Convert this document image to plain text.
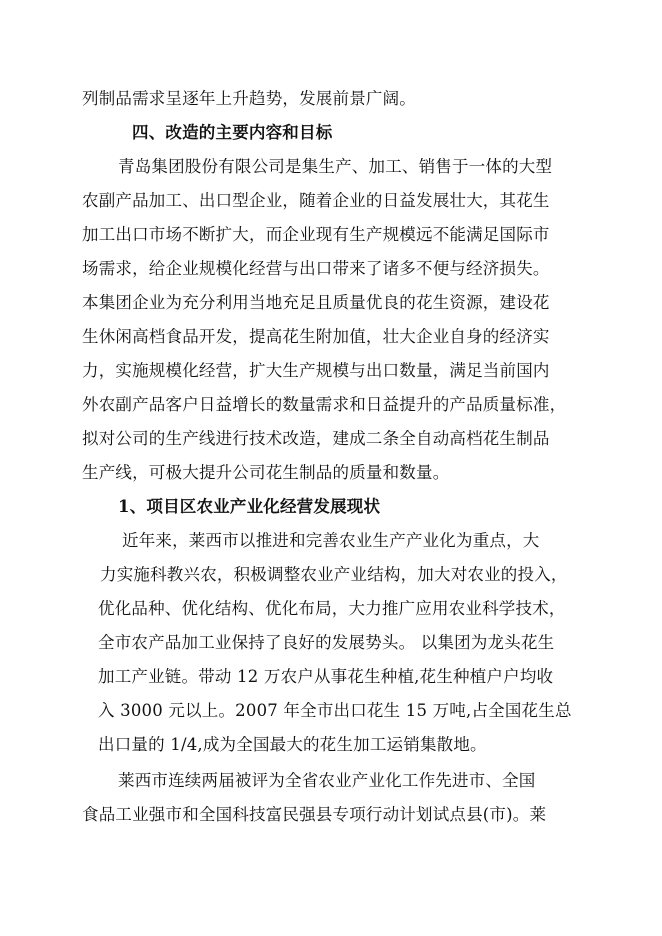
列制品需求呈逐年上升趋势，发展前景广阔。
四、改造的主要内容和目标
青岛集团股份有限公司是集生产、加工、销售于一体的大型
农副产品加工、出口型企业，随着企业的日益发展壮大，其花生
加工出口市场不断扩大，而企业现有生产规模远不能满足国际市
场需求，给企业规模化经营与出口带来了诸多不便与经济损失。
本集团企业为充分利用当地充足且质量优良的花生资源，建设花
生休闲高档食品开发，提高花生附加值，壮大企业自身的经济实
力，实施规模化经营，扩大生产规模与出口数量，满足当前国内
外农副产品客户日益增长的数量需求和日益提升的产品质量标准，
拟对公司的生产线进行技术改造，建成二条全自动高档花生制品
生产线，可极大提升公司花生制品的质量和数量。
1、项目区农业产业化经营发展现状
近年来，莱西市以推进和完善农业生产产业化为重点，大
力实施科教兴农，积极调整农业产业结构，加大对农业的投入，
优化品种、优化结构、优化布局，大力推广应用农业科学技术，
全市农产品加工业保持了良好的发展势头。 以集团为龙头花生
加工产业链。带动 12 万农户从事花生种植,花生种植户户均收
入 3000 元以上。2007 年全市出口花生 15 万吨,占全国花生总
出口量的 1/4,成为全国最大的花生加工运销集散地。
莱西市连续两届被评为全省农业产业化工作先进市、全国
食品工业强市和全国科技富民强县专项行动计划试点县(市)。莱
